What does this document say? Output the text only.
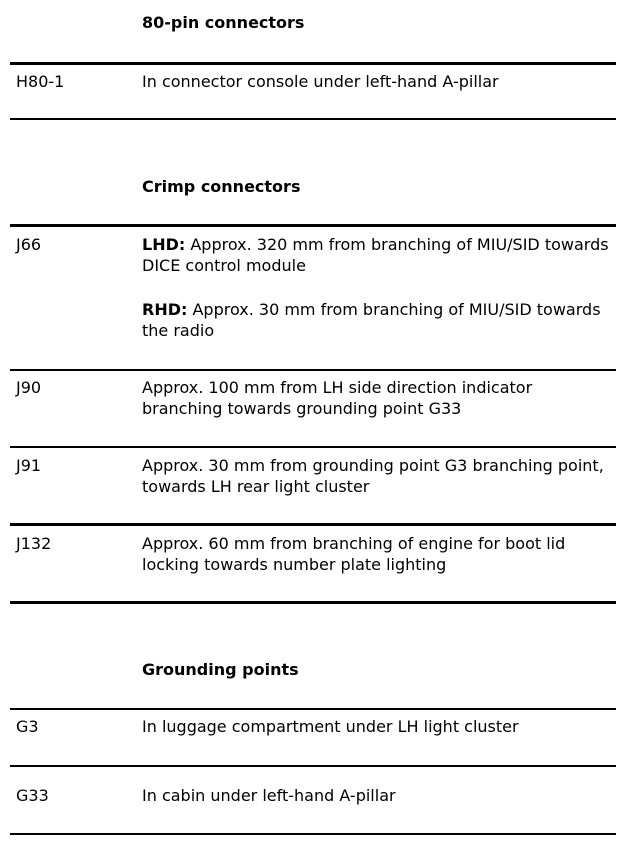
80-pin connectors
H80-1	In connector console under left-hand A-pillar
Crimp connectors
J66	LHD: Approx. 320 mm from branching of MIU/SID towards DICE control module

RHD: Approx. 30 mm from branching of MIU/SID towards the radio

J90	Approx. 100 mm from LH side direction indicator branching towards grounding point G33
J91	Approx. 30 mm from grounding point G3 branching point, towards LH rear light cluster
J132	Approx. 60 mm from branching of engine for boot lid locking towards number plate lighting
Grounding points
G3	In luggage compartment under LH light cluster
G33	In cabin under left-hand A-pillar
